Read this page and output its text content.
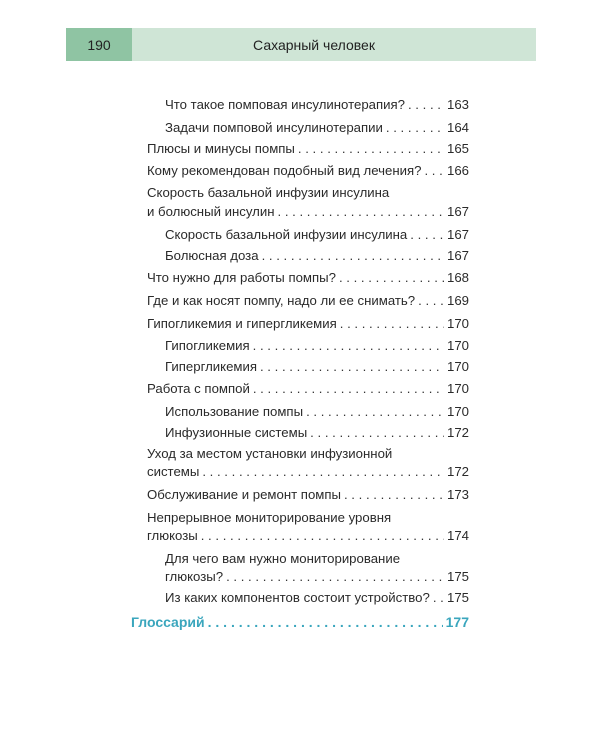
190	Сахарный человек
Что такое помповая инсулинотерапия? . . .	163
Задачи помповой инсулинотерапии . . .	164
Плюсы и минусы помпы . . .	165
Кому рекомендован подобный вид лечения? . . . 166
Скорость базальной инфузии инсулина
и болюсный инсулин . . .	167
Скорость базальной инфузии инсулина . . .	167
Болюсная доза . . .	167
Что нужно для работы помпы? . . .	168
Где и как носят помпу, надо ли ее снимать? . . . 169
Гипогликемия и гипергликемия . . .	170
Гипогликемия . . .	170
Гипергликемия . . .	170
Работа с помпой . . .	170
Использование помпы . . .	170
Инфузионные системы . . .	172
Уход за местом установки инфузионной
системы . . .	172
Обслуживание и ремонт помпы . . .	173
Непрерывное мониторирование уровня
глюкозы . . .	174
Для чего вам нужно мониторирование
глюкозы? . . .	175
Из каких компонентов состоит устройство? . . . 175
Глоссарий . . .	177
